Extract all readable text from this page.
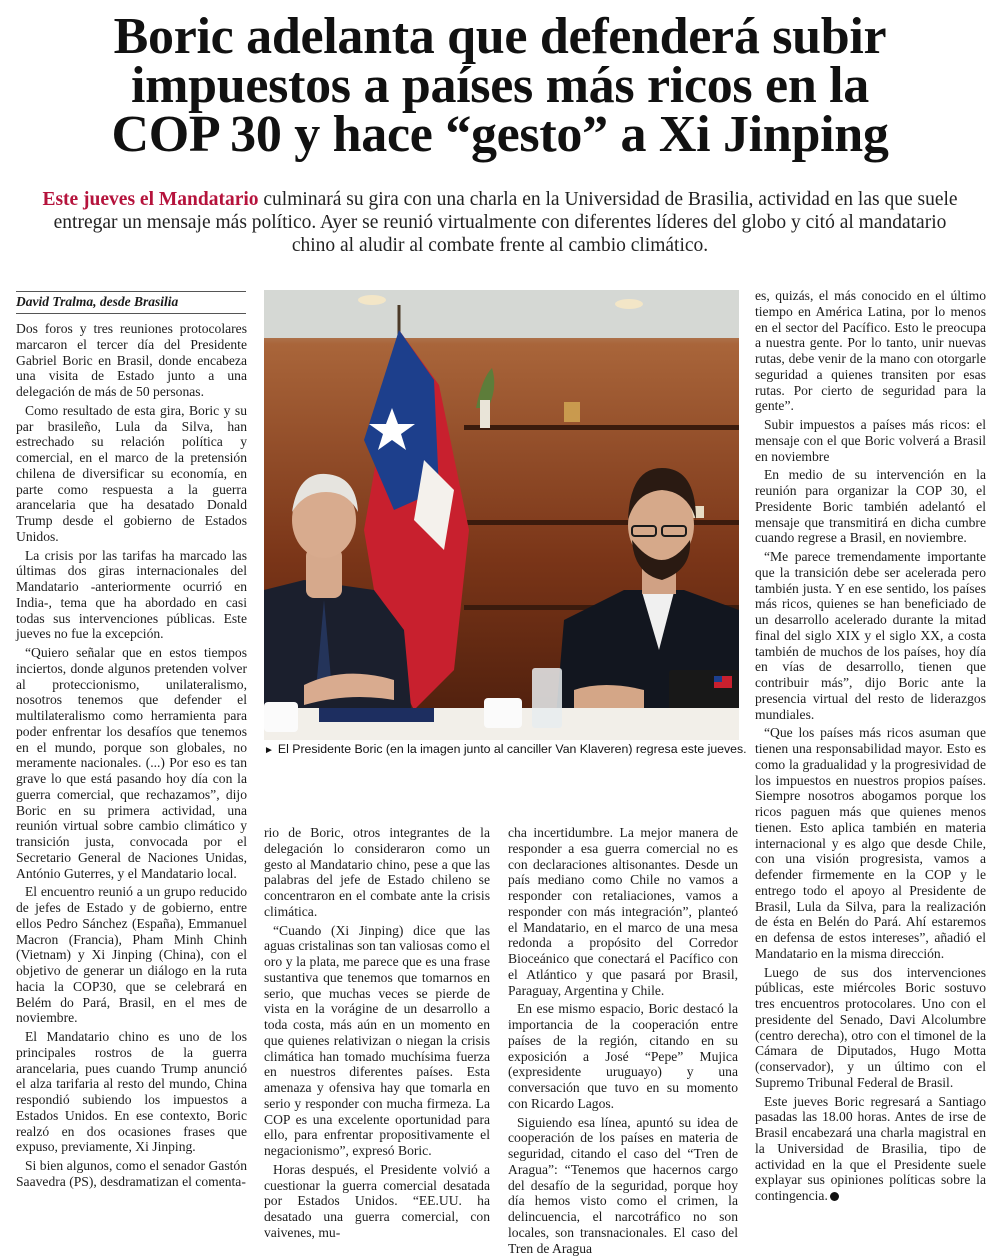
Boric adelanta que defenderá subir
impuestos a países más ricos en la
COP 30 y hace “gesto” a Xi Jinping
Este jueves el Mandatario culminará su gira con una charla en la Universidad de Brasilia, actividad en las que suele entregar un mensaje más político. Ayer se reunió virtualmente con diferentes líderes del globo y citó al mandatario chino al aludir al combate frente al cambio climático.
David Tralma, desde Brasilia

Dos foros y tres reuniones protocolares marcaron el tercer día del Presidente Gabriel Boric en Brasil, donde encabeza una visita de Estado junto a una delegación de más de 50 personas.

Como resultado de esta gira, Boric y su par brasileño, Lula da Silva, han estrechado su relación política y comercial, en el marco de la pretensión chilena de diversificar su economía, en parte como respuesta a la guerra arancelaria que ha desatado Donald Trump desde el gobierno de Estados Unidos.

La crisis por las tarifas ha marcado las últimas dos giras internacionales del Mandatario -anteriormente ocurrió en India-, tema que ha abordado en casi todas sus intervenciones públicas. Este jueves no fue la excepción.

“Quiero señalar que en estos tiempos inciertos, donde algunos pretenden volver al proteccionismo, unilateralismo, nosotros tenemos que defender el multilateralismo como herramienta para poder enfrentar los desafíos que tenemos en el mundo, porque son globales, no meramente nacionales. (...) Por eso es tan grave lo que está pasando hoy día con la guerra comercial, que rechazamos”, dijo Boric en su primera actividad, una reunión virtual sobre cambio climático y transición justa, convocada por el Secretario General de Naciones Unidas, António Guterres, y el Mandatario local.

El encuentro reunió a un grupo reducido de jefes de Estado y de gobierno, entre ellos Pedro Sánchez (España), Emmanuel Macron (Francia), Pham Minh Chinh (Vietnam) y Xi Jinping (China), con el objetivo de generar un diálogo en la ruta hacia la COP30, que se celebrará en Belém do Pará, Brasil, en el mes de noviembre.

El Mandatario chino es uno de los principales rostros de la guerra arancelaria, pues cuando Trump anunció el alza tarifaria al resto del mundo, China respondió subiendo los impuestos a Estados Unidos. En ese contexto, Boric realzó en dos ocasiones frases que expuso, previamente, Xi Jinping.

Si bien algunos, como el senador Gastón Saavedra (PS), desdramatizan el comenta-

► El Presidente Boric (en la imagen junto al canciller Van Klaveren) regresa este jueves.

rio de Boric, otros integrantes de la delegación lo consideraron como un gesto al Mandatario chino, pese a que las palabras del jefe de Estado chileno se concentraron en el combate ante la crisis climática.

“Cuando (Xi Jinping) dice que las aguas cristalinas son tan valiosas como el oro y la plata, me parece que es una frase sustantiva que tenemos que tomarnos en serio, que muchas veces se pierde de vista en la vorágine de un desarrollo a toda costa, más aún en un momento en que quienes relativizan o niegan la crisis climática han tomado muchísima fuerza en nuestros diferentes países. Esta amenaza y ofensiva hay que tomarla en serio y responder con mucha firmeza. La COP es una excelente oportunidad para ello, para enfrentar propositivamente el negacionismo”, expresó Boric.

Horas después, el Presidente volvió a cuestionar la guerra comercial desatada por Estados Unidos. “EE.UU. ha desatado una guerra comercial, con vaivenes, mu-

cha incertidumbre. La mejor manera de responder a esa guerra comercial no es con declaraciones altisonantes. Desde un país mediano como Chile no vamos a responder con retaliaciones, vamos a responder con más integración”, planteó el Mandatario, en el marco de una mesa redonda a propósito del Corredor Bioceánico que conectará el Pacífico con el Atlántico y que pasará por Brasil, Paraguay, Argentina y Chile.

En ese mismo espacio, Boric destacó la importancia de la cooperación entre países de la región, citando en su exposición a José “Pepe” Mujica (expresidente uruguayo) y una conversación que tuvo en su momento con Ricardo Lagos.

Siguiendo esa línea, apuntó su idea de cooperación de los países en materia de seguridad, citando el caso del “Tren de Aragua”: “Tenemos que hacernos cargo del desafío de la seguridad, porque hoy día hemos visto como el crimen, la delincuencia, el narcotráfico no son locales, son transnacionales. El caso del Tren de Aragua

es, quizás, el más conocido en el último tiempo en América Latina, por lo menos en el sector del Pacífico. Esto le preocupa a nuestra gente. Por lo tanto, unir nuevas rutas, debe venir de la mano con otorgarle seguridad a quienes transiten por esas rutas. Por cierto de seguridad para la gente”.

Subir impuestos a países más ricos: el mensaje con el que Boric volverá a Brasil en noviembre

En medio de su intervención en la reunión para organizar la COP 30, el Presidente Boric también adelantó el mensaje que transmitirá en dicha cumbre cuando regrese a Brasil, en noviembre.

“Me parece tremendamente importante que la transición debe ser acelerada pero también justa. Y en ese sentido, los países más ricos, quienes se han beneficiado de un desarrollo acelerado durante la mitad final del siglo XIX y el siglo XX, a costa también de muchos de los países, hoy día en vías de desarrollo, tienen que contribuir más”, dijo Boric ante la presencia virtual del resto de liderazgos mundiales.

“Que los países más ricos asuman que tienen una responsabilidad mayor. Esto es como la gradualidad y la progresividad de los impuestos en nuestros propios países. Siempre nosotros abogamos porque los ricos paguen más que quienes menos tienen. Esto aplica también en materia internacional y es algo que desde Chile, con una visión progresista, vamos a defender firmemente en la COP y le entrego todo el apoyo al Presidente de Brasil, Lula da Silva, para la realización de ésta en Belén do Pará. Ahí estaremos en defensa de estos intereses”, añadió el Mandatario en la misma dirección.

Luego de sus dos intervenciones públicas, este miércoles Boric sostuvo tres encuentros protocolares. Uno con el presidente del Senado, Davi Alcolumbre (centro derecha), otro con el timonel de la Cámara de Diputados, Hugo Motta (conservador), y un último con el Supremo Tribunal Federal de Brasil.

Este jueves Boric regresará a Santiago pasadas las 18.00 horas. Antes de irse de Brasil encabezará una charla magistral en la Universidad de Brasilia, tipo de actividad en la que el Presidente suele explayar sus opiniones políticas sobre la contingencia.
